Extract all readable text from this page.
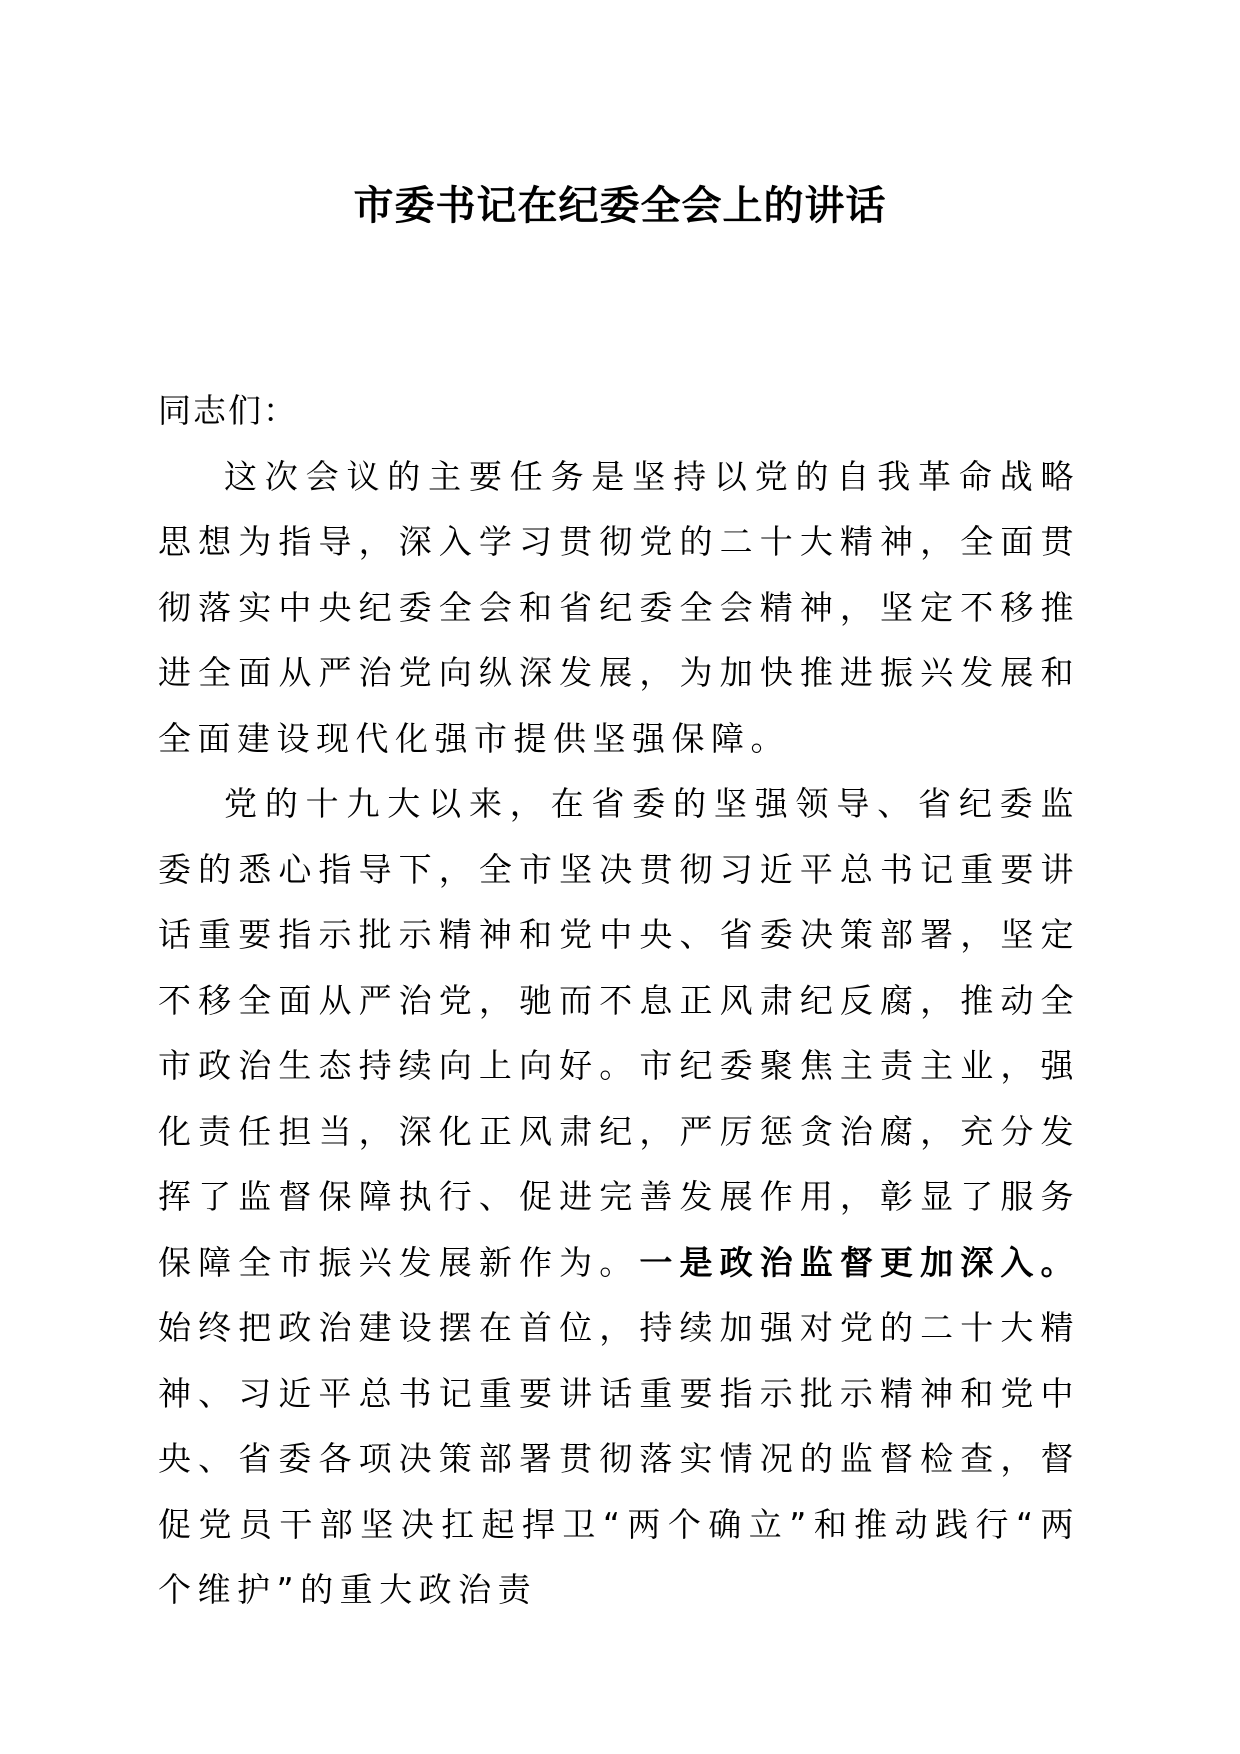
市委书记在纪委全会上的讲话

同志们：

这次会议的主要任务是坚持以党的自我革命战略思想为指导，深入学习贯彻党的二十大精神，全面贯彻落实中央纪委全会和省纪委全会精神，坚定不移推进全面从严治党向纵深发展，为加快推进振兴发展和全面建设现代化强市提供坚强保障。

党的十九大以来，在省委的坚强领导、省纪委监委的悉心指导下，全市坚决贯彻习近平总书记重要讲话重要指示批示精神和党中央、省委决策部署，坚定不移全面从严治党，驰而不息正风肃纪反腐，推动全市政治生态持续向上向好。市纪委聚焦主责主业，强化责任担当，深化正风肃纪，严厉惩贪治腐，充分发挥了监督保障执行、促进完善发展作用，彰显了服务保障全市振兴发展新作为。一是政治监督更加深入。始终把政治建设摆在首位，持续加强对党的二十大精神、习近平总书记重要讲话重要指示批示精神和党中央、省委各项决策部署贯彻落实情况的监督检查，督促党员干部坚决扛起捍卫“两个确立”和推动践行“两个维护”的重大政治责
